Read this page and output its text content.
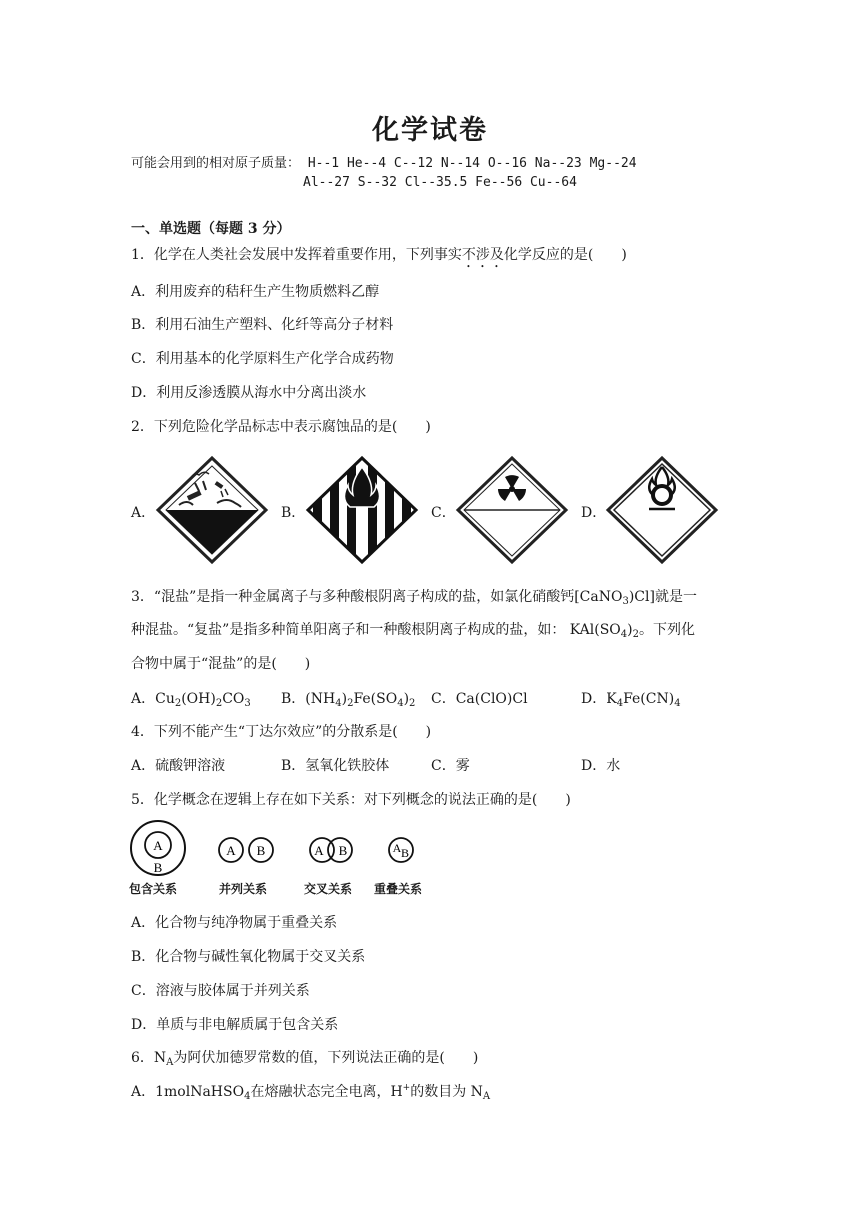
化学试卷
可能会用到的相对原子质量： H--1 He--4 C--12 N--14 O--16 Na--23 Mg--24
Al--27 S--32 Cl--35.5 Fe--56 Cu--64
一、单选题（每题 3 分）
1．化学在人类社会发展中发挥着重要作用，下列事实不涉及化学反应的是(　　)
A．利用废弃的秸秆生产生物质燃料乙醇
B．利用石油生产塑料、化纤等高分子材料
C．利用基本的化学原料生产化学合成药物
D．利用反渗透膜从海水中分离出淡水
2．下列危险化学品标志中表示腐蚀品的是(　　)
A．	B．	C．	D．
3．“混盐”是指一种金属离子与多种酸根阴离子构成的盐，如氯化硝酸钙[CaNO$_3$)Cl]就是一
种混盐。“复盐”是指多种简单阳离子和一种酸根阴离子构成的盐，如： $KAl(SO_4)_2$。下列化
合物中属于“混盐”的是(　　)
A．$Cu_2(OH)_2CO_3$ B．$(NH_4)_2Fe(SO_4)_2$ C．Ca(ClO)Cl	D．$K_4Fe(CN)_4$
4．下列不能产生“丁达尔效应”的分散系是(　　)
A．硫酸钾溶液	B．氢氧化铁胶体	C．雾	D．水
5．化学概念在逻辑上存在如下关系：对下列概念的说法正确的是(　　)
A
B
A B	A B	A B
包含关系	并列关系	交叉关系 重叠关系
A．化合物与纯净物属于重叠关系
B．化合物与碱性氧化物属于交叉关系
C．溶液与胶体属于并列关系
D．单质与非电解质属于包含关系
6．$N_A$为阿伏加德罗常数的值，下列说法正确的是(　　)
A．1molNaHSO$_4$在熔融状态完全电离，H+的数目为 $N_A$
